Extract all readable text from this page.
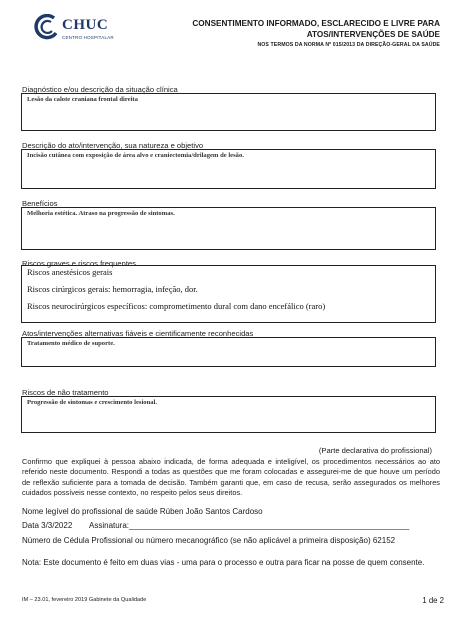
CHUC
CENTRO HOSPITALAR
CONSENTIMENTO INFORMADO, ESCLARECIDO E LIVRE PARA
ATOS/INTERVENÇÕES DE SAÚDE
NOS TERMOS DA NORMA Nº 015/2013 DA DIREÇÃO-GERAL DA SAÚDE
Diagnóstico e/ou descrição da situação clínica
Lesão da calote craniana frontal direita
Descrição do ato/intervenção, sua natureza e objetivo
Incisão cutânea com exposição de área alvo e craniectomia/drilagem de lesão.
Benefícios
Melhoria estética. Atraso na progressão de sintomas.
Riscos graves e riscos frequentes
Riscos anestésicos gerais
Riscos cirúrgicos gerais: hemorragia, infeção, dor.
Riscos neurocirúrgicos específicos: comprometimento dural com dano encefálico (raro)
Atos/intervenções alternativas fiáveis e cientificamente reconhecidas
Tratamento médico de suporte.
Riscos de não tratamento
Progressão de sintomas e crescimento lesional.
(Parte declarativa do profissional)
Confirmo que expliquei à pessoa abaixo indicada, de forma adequada e inteligível, os procedimentos necessários ao ato referido neste documento. Respondi a todas as questões que me foram colocadas e assegurei-me de que houve um período de reflexão suficiente para a tomada de decisão. Também garanti que, em caso de recusa, serão assegurados os melhores cuidados possíveis nesse contexto, no respeito pelos seus direitos.
Nome legível do profissional de saúde Rúben João Santos Cardoso
Data 3/3/2022 Assinatura:_______________________________________________________________
Número de Cédula Profissional ou número mecanográfico (se não aplicável a primeira disposição) 62152
Nota: Este documento é feito em duas vias - uma para o processo e outra para ficar na posse de quem consente.
IM – 23.01, fevereiro 2019 Gabinete da Qualidade	1 de 2
